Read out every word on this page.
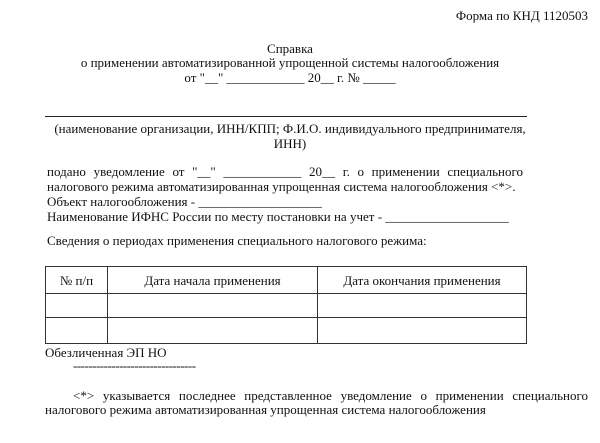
Форма по КНД 1120503
Справка
о применении автоматизированной упрощенной системы налогообложения
от "__" ____________ 20__ г. № _____
(наименование организации, ИНН/КПП; Ф.И.О. индивидуального предпринимателя,
ИНН)
подано уведомление от "__" ____________ 20__ г. о применении специального
налогового режима автоматизированная упрощенная система налогообложения <*>.
Объект налогообложения - ___________________
Наименование ИФНС России по месту постановки на учет - ___________________
Сведения о периодах применения специального налогового режима:
№ п/п	Дата начала применения	Дата окончания применения

Обезличенная ЭП НО
--------------------------------
<*> указывается последнее представленное уведомление о применении специального
налогового режима автоматизированная упрощенная система налогообложения
